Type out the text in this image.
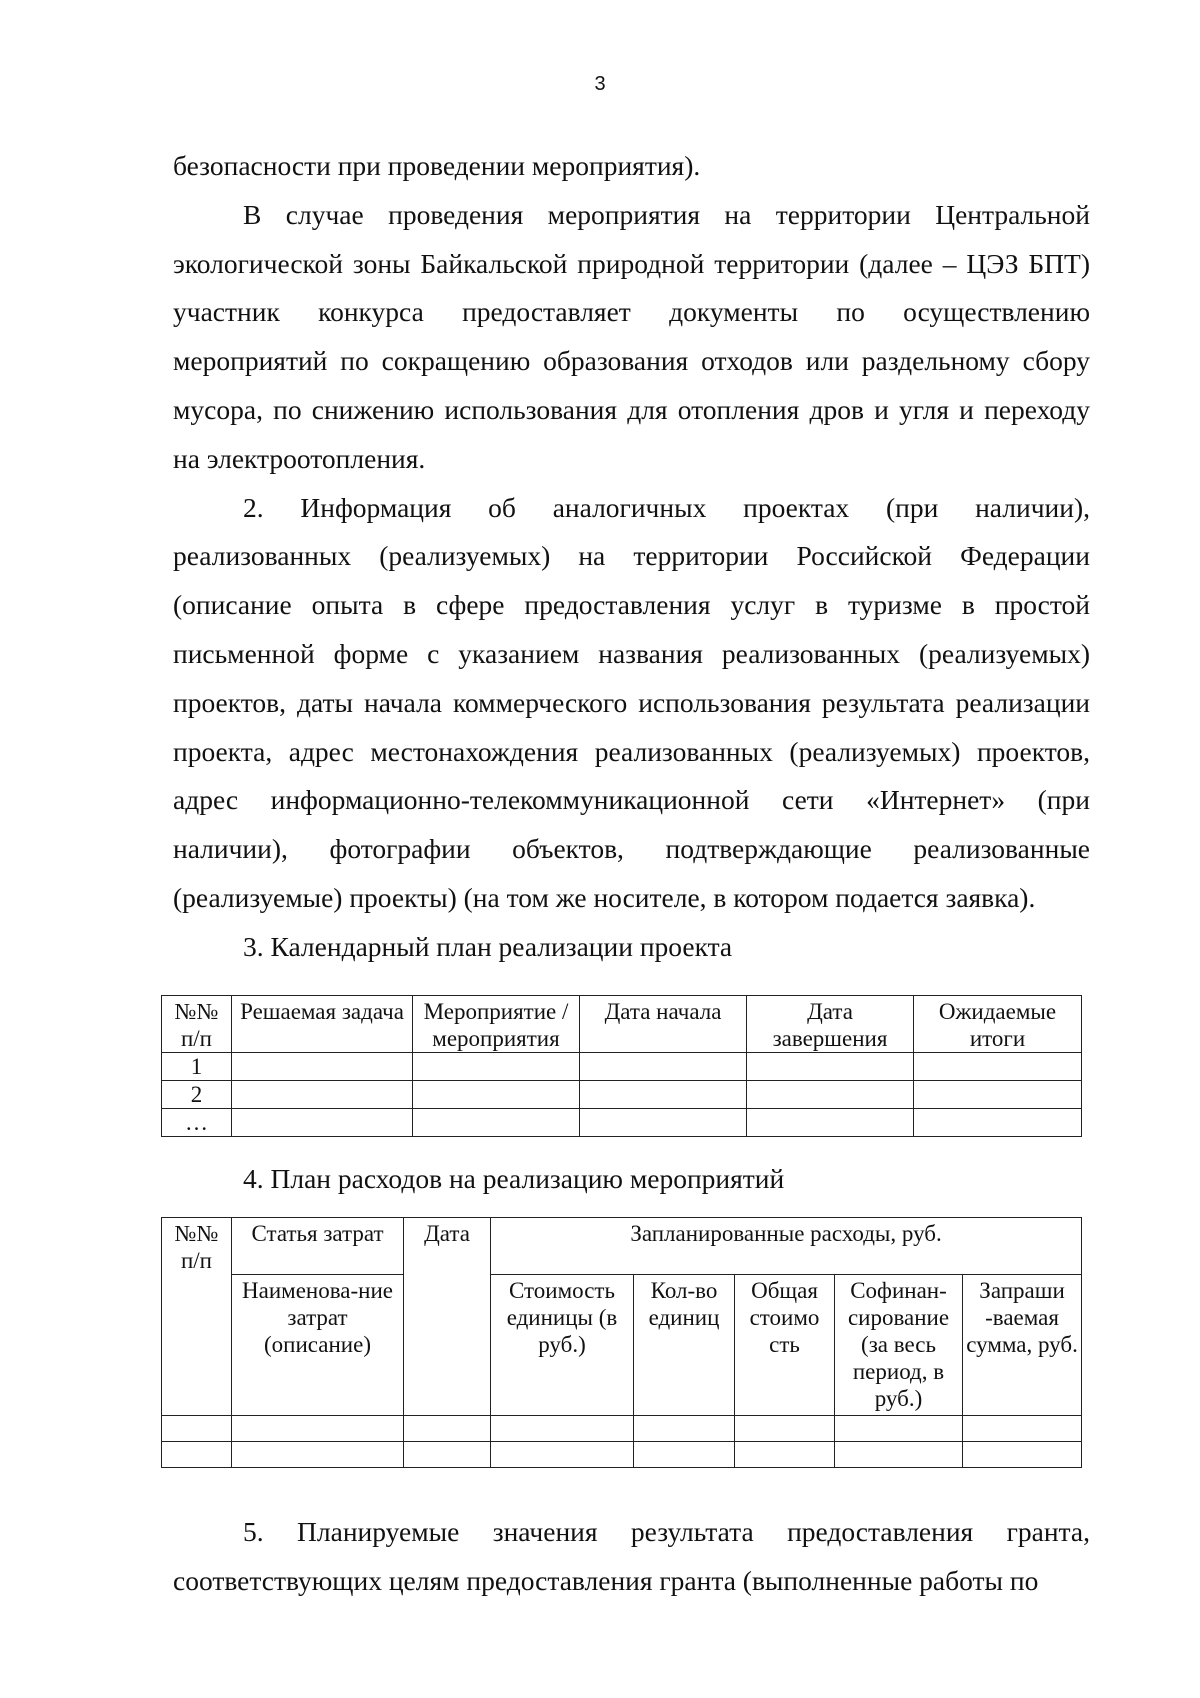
3

безопасности при проведении мероприятия).

В случае проведения мероприятия на территории Центральной экологической зоны Байкальской природной территории (далее – ЦЭЗ БПТ) участник конкурса предоставляет документы по осуществлению мероприятий по сокращению образования отходов или раздельному сбору мусора, по снижению использования для отопления дров и угля и переходу на электроотопления.

2. Информация об аналогичных проектах (при наличии), реализованных (реализуемых) на территории Российской Федерации (описание опыта в сфере предоставления услуг в туризме в простой письменной форме с указанием названия реализованных (реализуемых) проектов, даты начала коммерческого использования результата реализации проекта, адрес местонахождения реализованных (реализуемых) проектов, адрес информационно-телекоммуникационной сети «Интернет» (при наличии), фотографии объектов, подтверждающие реализованные (реализуемые) проекты) (на том же носителе, в котором подается заявка).

3. Календарный план реализации проекта

№№ п/п	Решаемая задача	Мероприятие /мероприятия	Дата начала	Дата завершения	Ожидаемые итоги
1					
2					
…					

4. План расходов на реализацию мероприятий

№№ п/п	Статья затрат	Дата	Запланированные расходы, руб.				
	Наименова-ние затрат (описание)		Стоимость единицы (в руб.)	Кол-во единиц	Общая стоимо сть	Софинан-сирование (за весь период, в руб.)	Запраши -ваемая сумма, руб.

5. Планируемые значения результата предоставления гранта, соответствующих целям предоставления гранта (выполненные работы по
